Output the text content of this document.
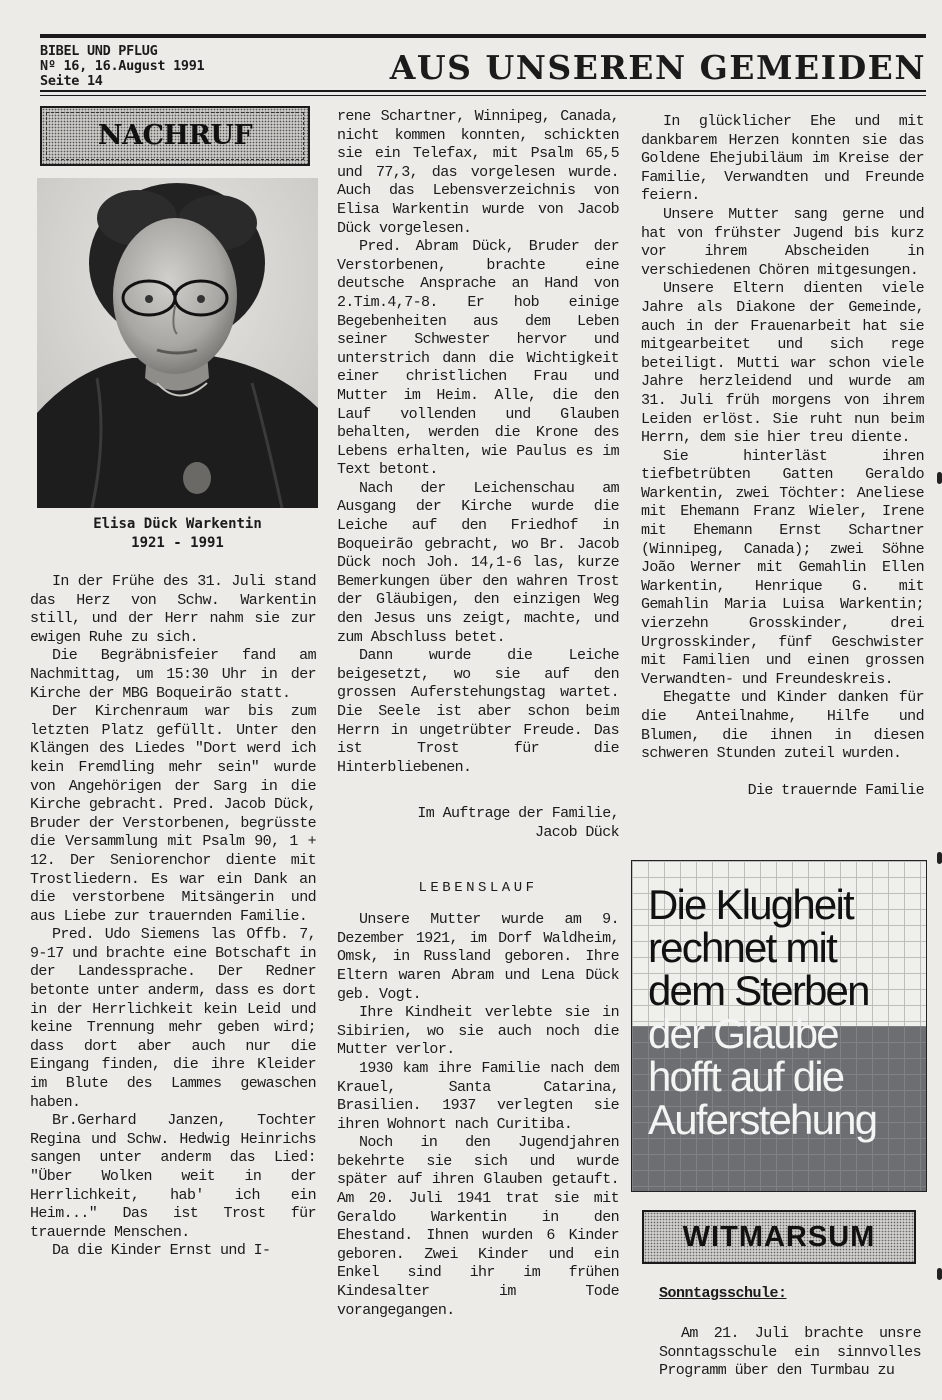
BIBEL UND PFLUG
Nº 16, 16.August 1991
Seite 14	AUS UNSEREN GEMEIDEN
NACHRUF
Elisa Dück Warkentin
1921 - 1991

In der Frühe des 31. Juli stand das Herz von Schw. Warkentin still, und der Herr nahm sie zur ewigen Ruhe zu sich.

Die Begräbnisfeier fand am Nachmittag, um 15:30 Uhr in der Kirche der MBG Boqueirão statt.

Der Kirchenraum war bis zum letzten Platz gefüllt. Unter den Klängen des Liedes "Dort werd ich kein Fremdling mehr sein" wurde von Angehörigen der Sarg in die Kirche gebracht. Pred. Jacob Dück, Bruder der Verstorbenen, begrüsste die Versammlung mit Psalm 90, 1 + 12. Der Seniorenchor diente mit Trostliedern. Es war ein Dank an die verstorbene Mitsängerin und aus Liebe zur trauernden Familie.

Pred. Udo Siemens las Offb. 7, 9-17 und brachte eine Botschaft in der Landessprache. Der Redner betonte unter anderm, dass es dort in der Herrlichkeit kein Leid und keine Trennung mehr geben wird; dass dort aber auch nur die Eingang finden, die ihre Kleider im Blute des Lammes gewaschen haben.

Br.Gerhard Janzen, Tochter Regina und Schw. Hedwig Heinrichs sangen unter anderm das Lied: "Über Wolken weit in der Herrlichkeit, hab' ich ein Heim..." Das ist Trost für trauernde Menschen.

Da die Kinder Ernst und I-

rene Schartner, Winnipeg, Canada, nicht kommen konnten, schickten sie ein Telefax, mit Psalm 65,5 und 77,3, das vorgelesen wurde. Auch das Lebensverzeichnis von Elisa Warkentin wurde von Jacob Dück vorgelesen.

Pred. Abram Dück, Bruder der Verstorbenen, brachte eine deutsche Ansprache an Hand von 2.Tim.4,7-8. Er hob einige Begebenheiten aus dem Leben seiner Schwester hervor und unterstrich dann die Wichtigkeit einer christlichen Frau und Mutter im Heim. Alle, die den Lauf vollenden und Glauben behalten, werden die Krone des Lebens erhalten, wie Paulus es im Text betont.

Nach der Leichenschau am Ausgang der Kirche wurde die Leiche auf den Friedhof in Boqueirão gebracht, wo Br. Jacob Dück noch Joh. 14,1-6 las, kurze Bemerkungen über den wahren Trost der Gläubigen, den einzigen Weg den Jesus uns zeigt, machte, und zum Abschluss betet.

Dann wurde die Leiche beigesetzt, wo sie auf den grossen Auferstehungstag wartet. Die Seele ist aber schon beim Herrn in ungetrübter Freude. Das ist Trost für die Hinterbliebenen.

Im Auftrage der Familie,

Jacob Dück

LEBENSLAUF

Unsere Mutter wurde am 9. Dezember 1921, im Dorf Waldheim, Omsk, in Russland geboren. Ihre Eltern waren Abram und Lena Dück geb. Vogt.

Ihre Kindheit verlebte sie in Sibirien, wo sie auch noch die Mutter verlor.

1930 kam ihre Familie nach dem Krauel, Santa Catarina, Brasilien. 1937 verlegten sie ihren Wohnort nach Curitiba.

Noch in den Jugendjahren bekehrte sie sich und wurde später auf ihren Glauben getauft. Am 20. Juli 1941 trat sie mit Geraldo Warkentin in den Ehestand. Ihnen wurden 6 Kinder geboren. Zwei Kinder und ein Enkel sind ihr im frühen Kindesalter im Tode vorangegangen.

In glücklicher Ehe und mit dankbarem Herzen konnten sie das Goldene Ehejubiläum im Kreise der Familie, Verwandten und Freunde feiern.

Unsere Mutter sang gerne und hat von frühster Jugend bis kurz vor ihrem Abscheiden in verschiedenen Chören mitgesungen.

Unsere Eltern dienten viele Jahre als Diakone der Gemeinde, auch in der Frauenarbeit hat sie mitgearbeitet und sich rege beteiligt. Mutti war schon viele Jahre herzleidend und wurde am 31. Juli früh morgens von ihrem Leiden erlöst. Sie ruht nun beim Herrn, dem sie hier treu diente.

Sie hinterläst ihren tiefbetrübten Gatten Geraldo Warkentin, zwei Töchter: Aneliese mit Ehemann Franz Wieler, Irene mit Ehemann Ernst Schartner (Winnipeg, Canada); zwei Söhne João Werner mit Gemahlin Ellen Warkentin, Henrique G. mit Gemahlin Maria Luisa Warkentin; vierzehn Grosskinder, drei Urgrosskinder, fünf Geschwister mit Familien und einen grossen Verwandten- und Freundeskreis.

Ehegatte und Kinder danken für die Anteilnahme, Hilfe und Blumen, die ihnen in diesen schweren Stunden zuteil wurden.

Die trauernde Familie

Die Klugheit
rechnet mit
dem Sterben
der Glaube
hofft auf die
Auferstehung
WITMARSUM
Sonntagsschule:

Am 21. Juli brachte unsre Sonntagsschule ein sinnvolles Programm über den Turmbau zu
